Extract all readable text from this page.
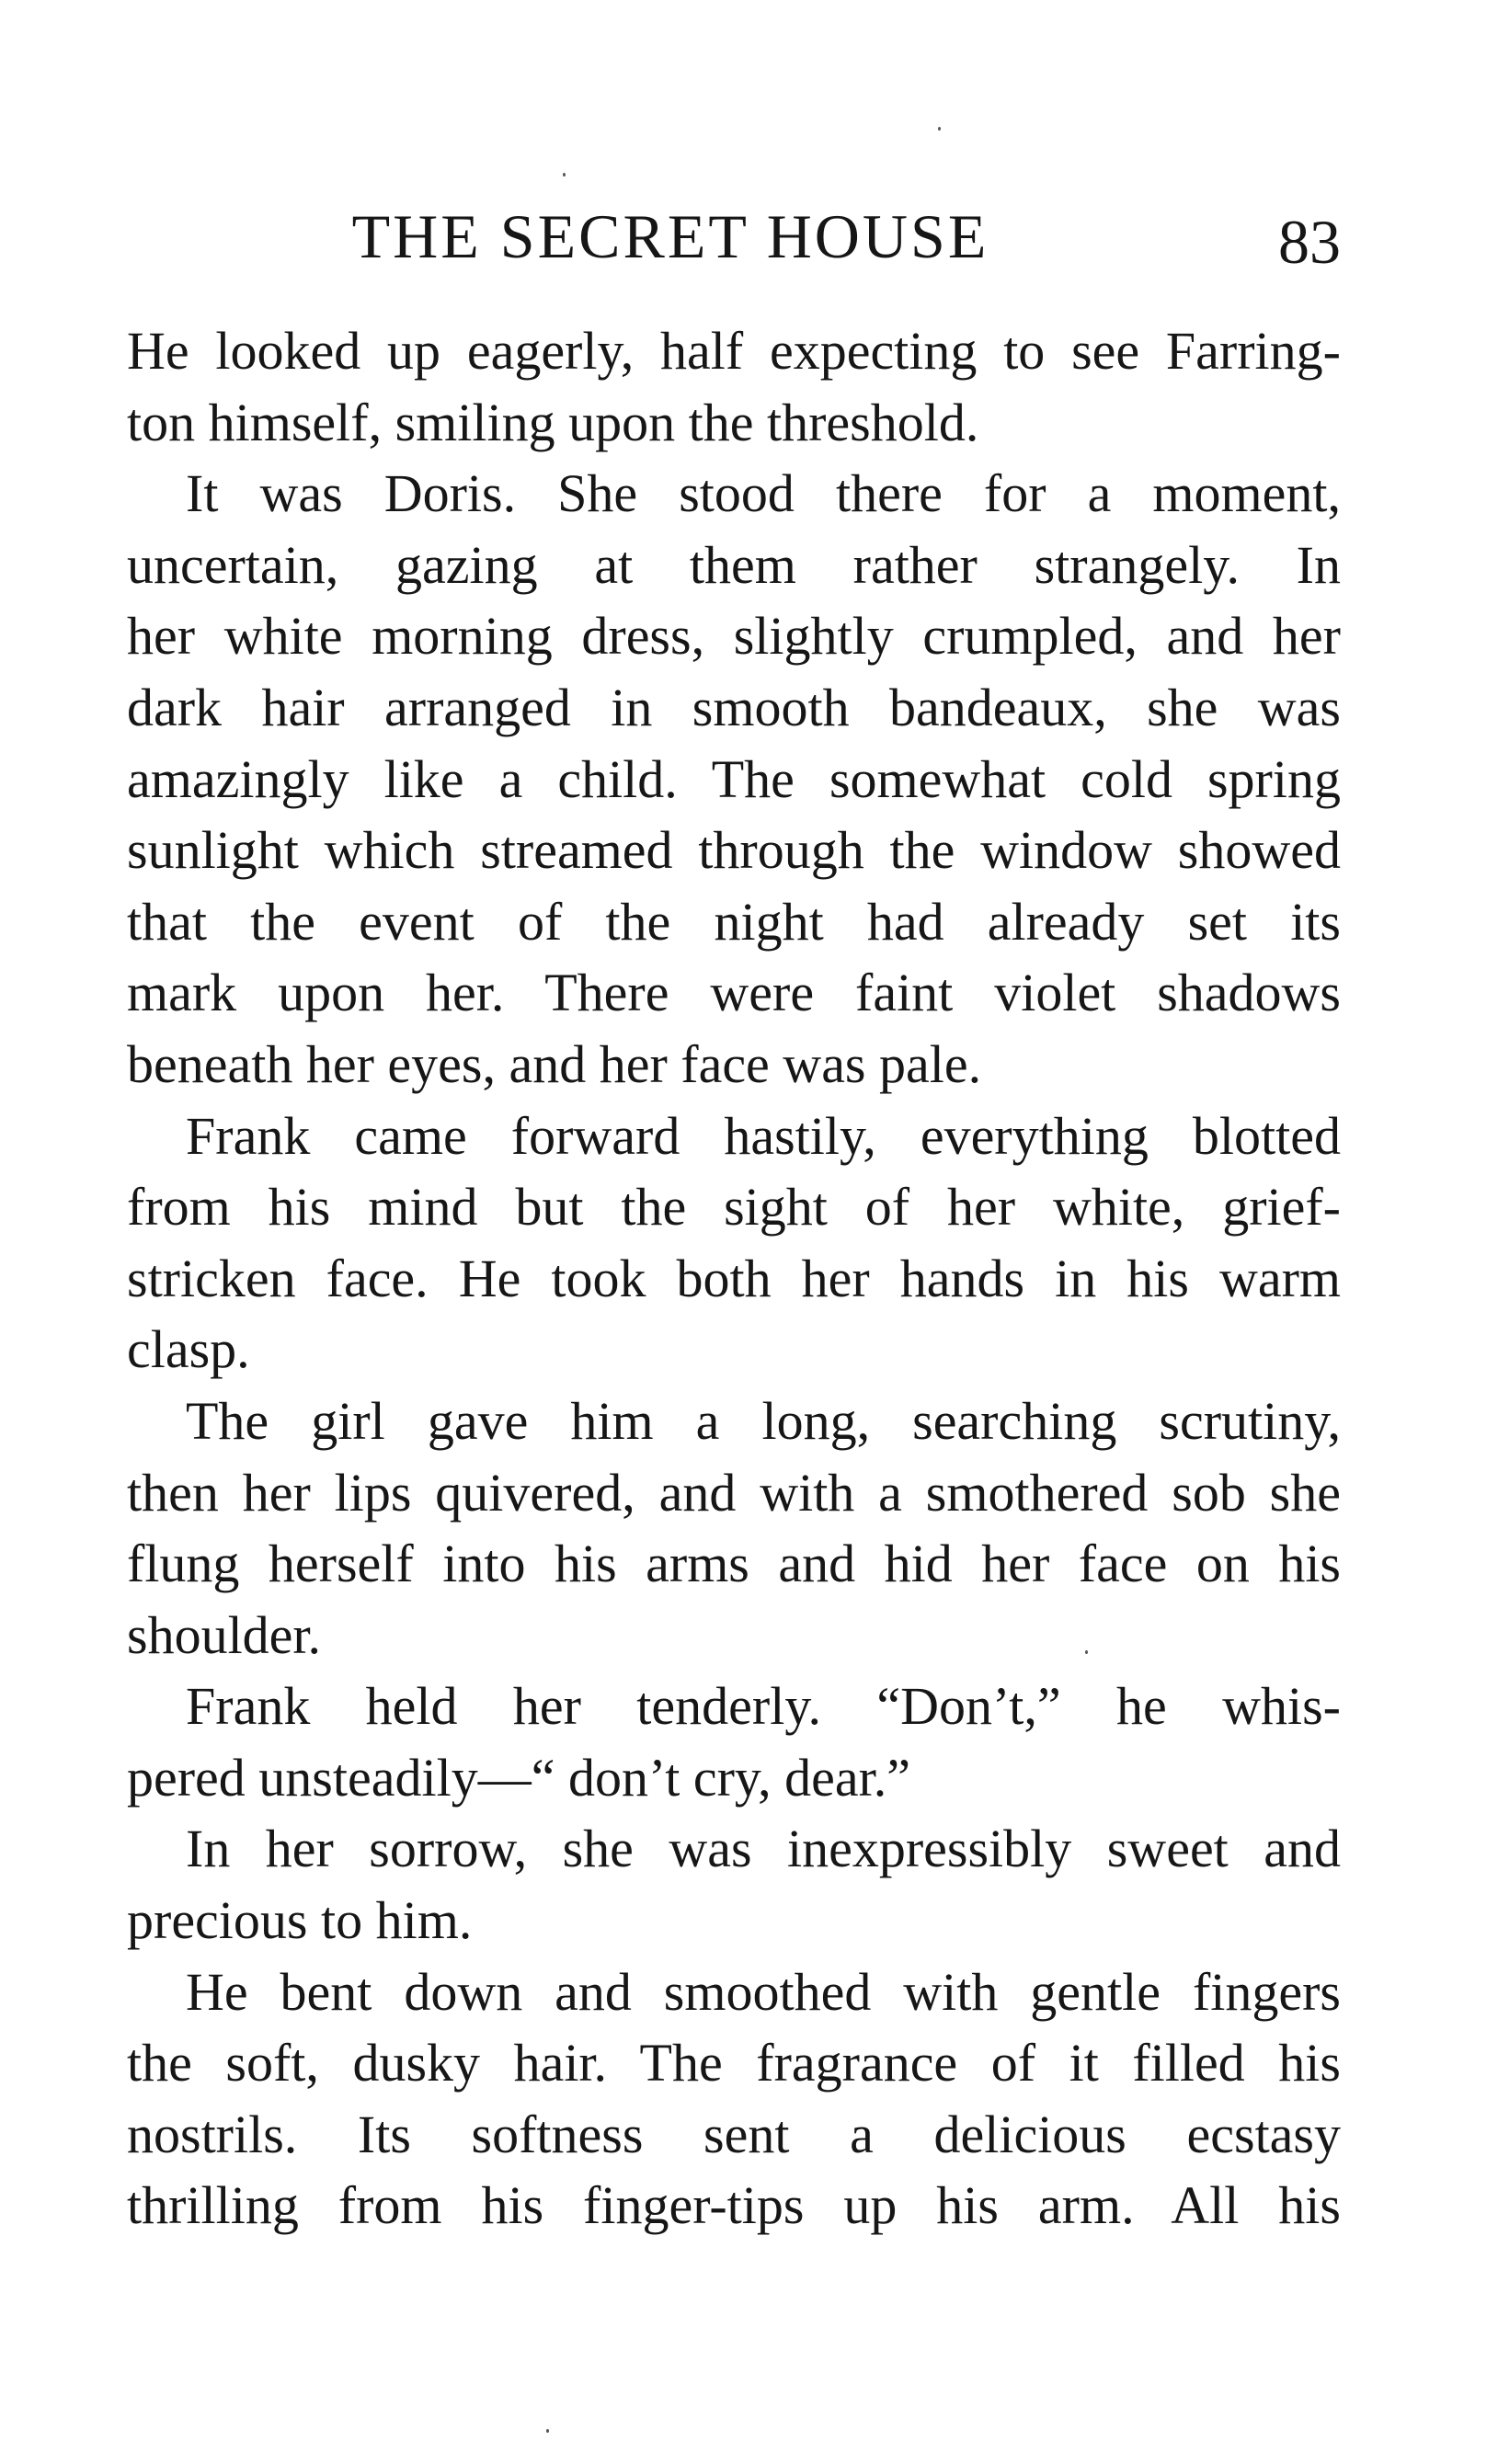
THE SECRET HOUSE	83
He looked up eagerly, half expecting to see Farring-
ton himself, smiling upon the threshold.
It was Doris. She stood there for a moment,
uncertain, gazing at them rather strangely. In
her white morning dress, slightly crumpled, and her
dark hair arranged in smooth bandeaux, she was
amazingly like a child. The somewhat cold spring
sunlight which streamed through the window showed
that the event of the night had already set its
mark upon her. There were faint violet shadows
beneath her eyes, and her face was pale.
Frank came forward hastily, everything blotted
from his mind but the sight of her white, grief-
stricken face. He took both her hands in his warm
clasp.
The girl gave him a long, searching scrutiny,
then her lips quivered, and with a smothered sob she
flung herself into his arms and hid her face on his
shoulder.
Frank held her tenderly. “Don’t,” he whis-
pered unsteadily—“ don’t cry, dear.”
In her sorrow, she was inexpressibly sweet and
precious to him.
He bent down and smoothed with gentle fingers
the soft, dusky hair. The fragrance of it filled his
nostrils. Its softness sent a delicious ecstasy
thrilling from his finger-tips up his arm. All his
